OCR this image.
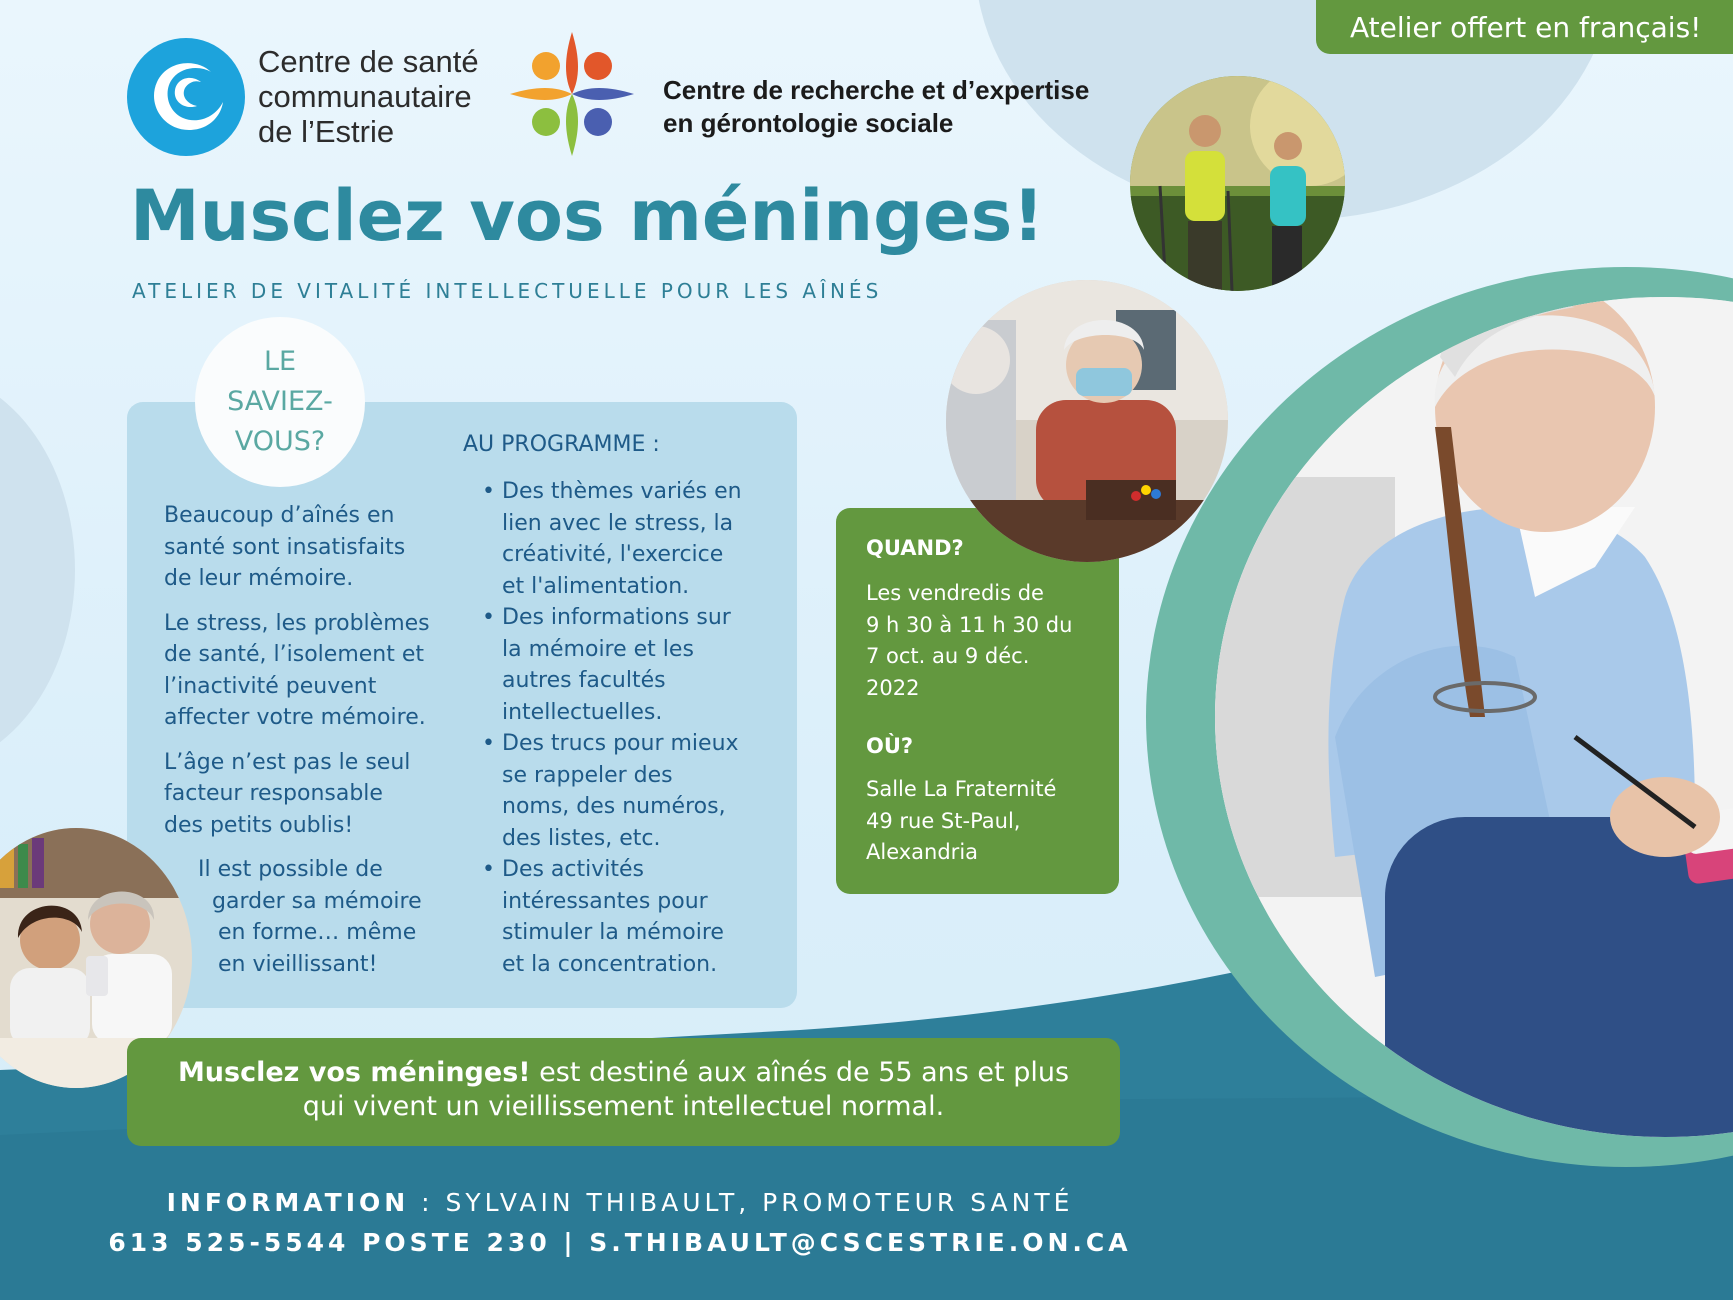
Atelier offert en français!
Centre de santé
communautaire
de l’Estrie
Centre de recherche et d’expertise
en gérontologie sociale
Musclez vos méninges!
ATELIER DE VITALITÉ INTELLECTUELLE POUR LES AÎNÉS
LE
SAVIEZ-
VOUS?

Beaucoup d’aînés en
santé sont insatisfaits
de leur mémoire.

Le stress, les problèmes
de santé, l’isolement et
l’inactivité peuvent
affecter votre mémoire.

L’âge n’est pas le seul
facteur responsable
des petits oublis!

Il est possible de
garder sa mémoire
en forme… même
en vieillissant!

AU PROGRAMME :
• Des thèmes variés en
lien avec le stress, la
créativité, l'exercice
et l'alimentation.
• Des informations sur
la mémoire et les
autres facultés
intellectuelles.
• Des trucs pour mieux
se rappeler des
noms, des numéros,
des listes, etc.
• Des activités
intéressantes pour
stimuler la mémoire
et la concentration.
QUAND?
Les vendredis de
9 h 30 à 11 h 30 du
7 oct. au 9 déc.
2022
OÙ?
Salle La Fraternité
49 rue St-Paul,
Alexandria
Musclez vos méninges! est destiné aux aînés de 55 ans et plus
qui vivent un vieillissement intellectuel normal.
INFORMATION : SYLVAIN THIBAULT, PROMOTEUR SANTÉ
613 525-5544 POSTE 230 | S.THIBAULT@CSCESTRIE.ON.CA
